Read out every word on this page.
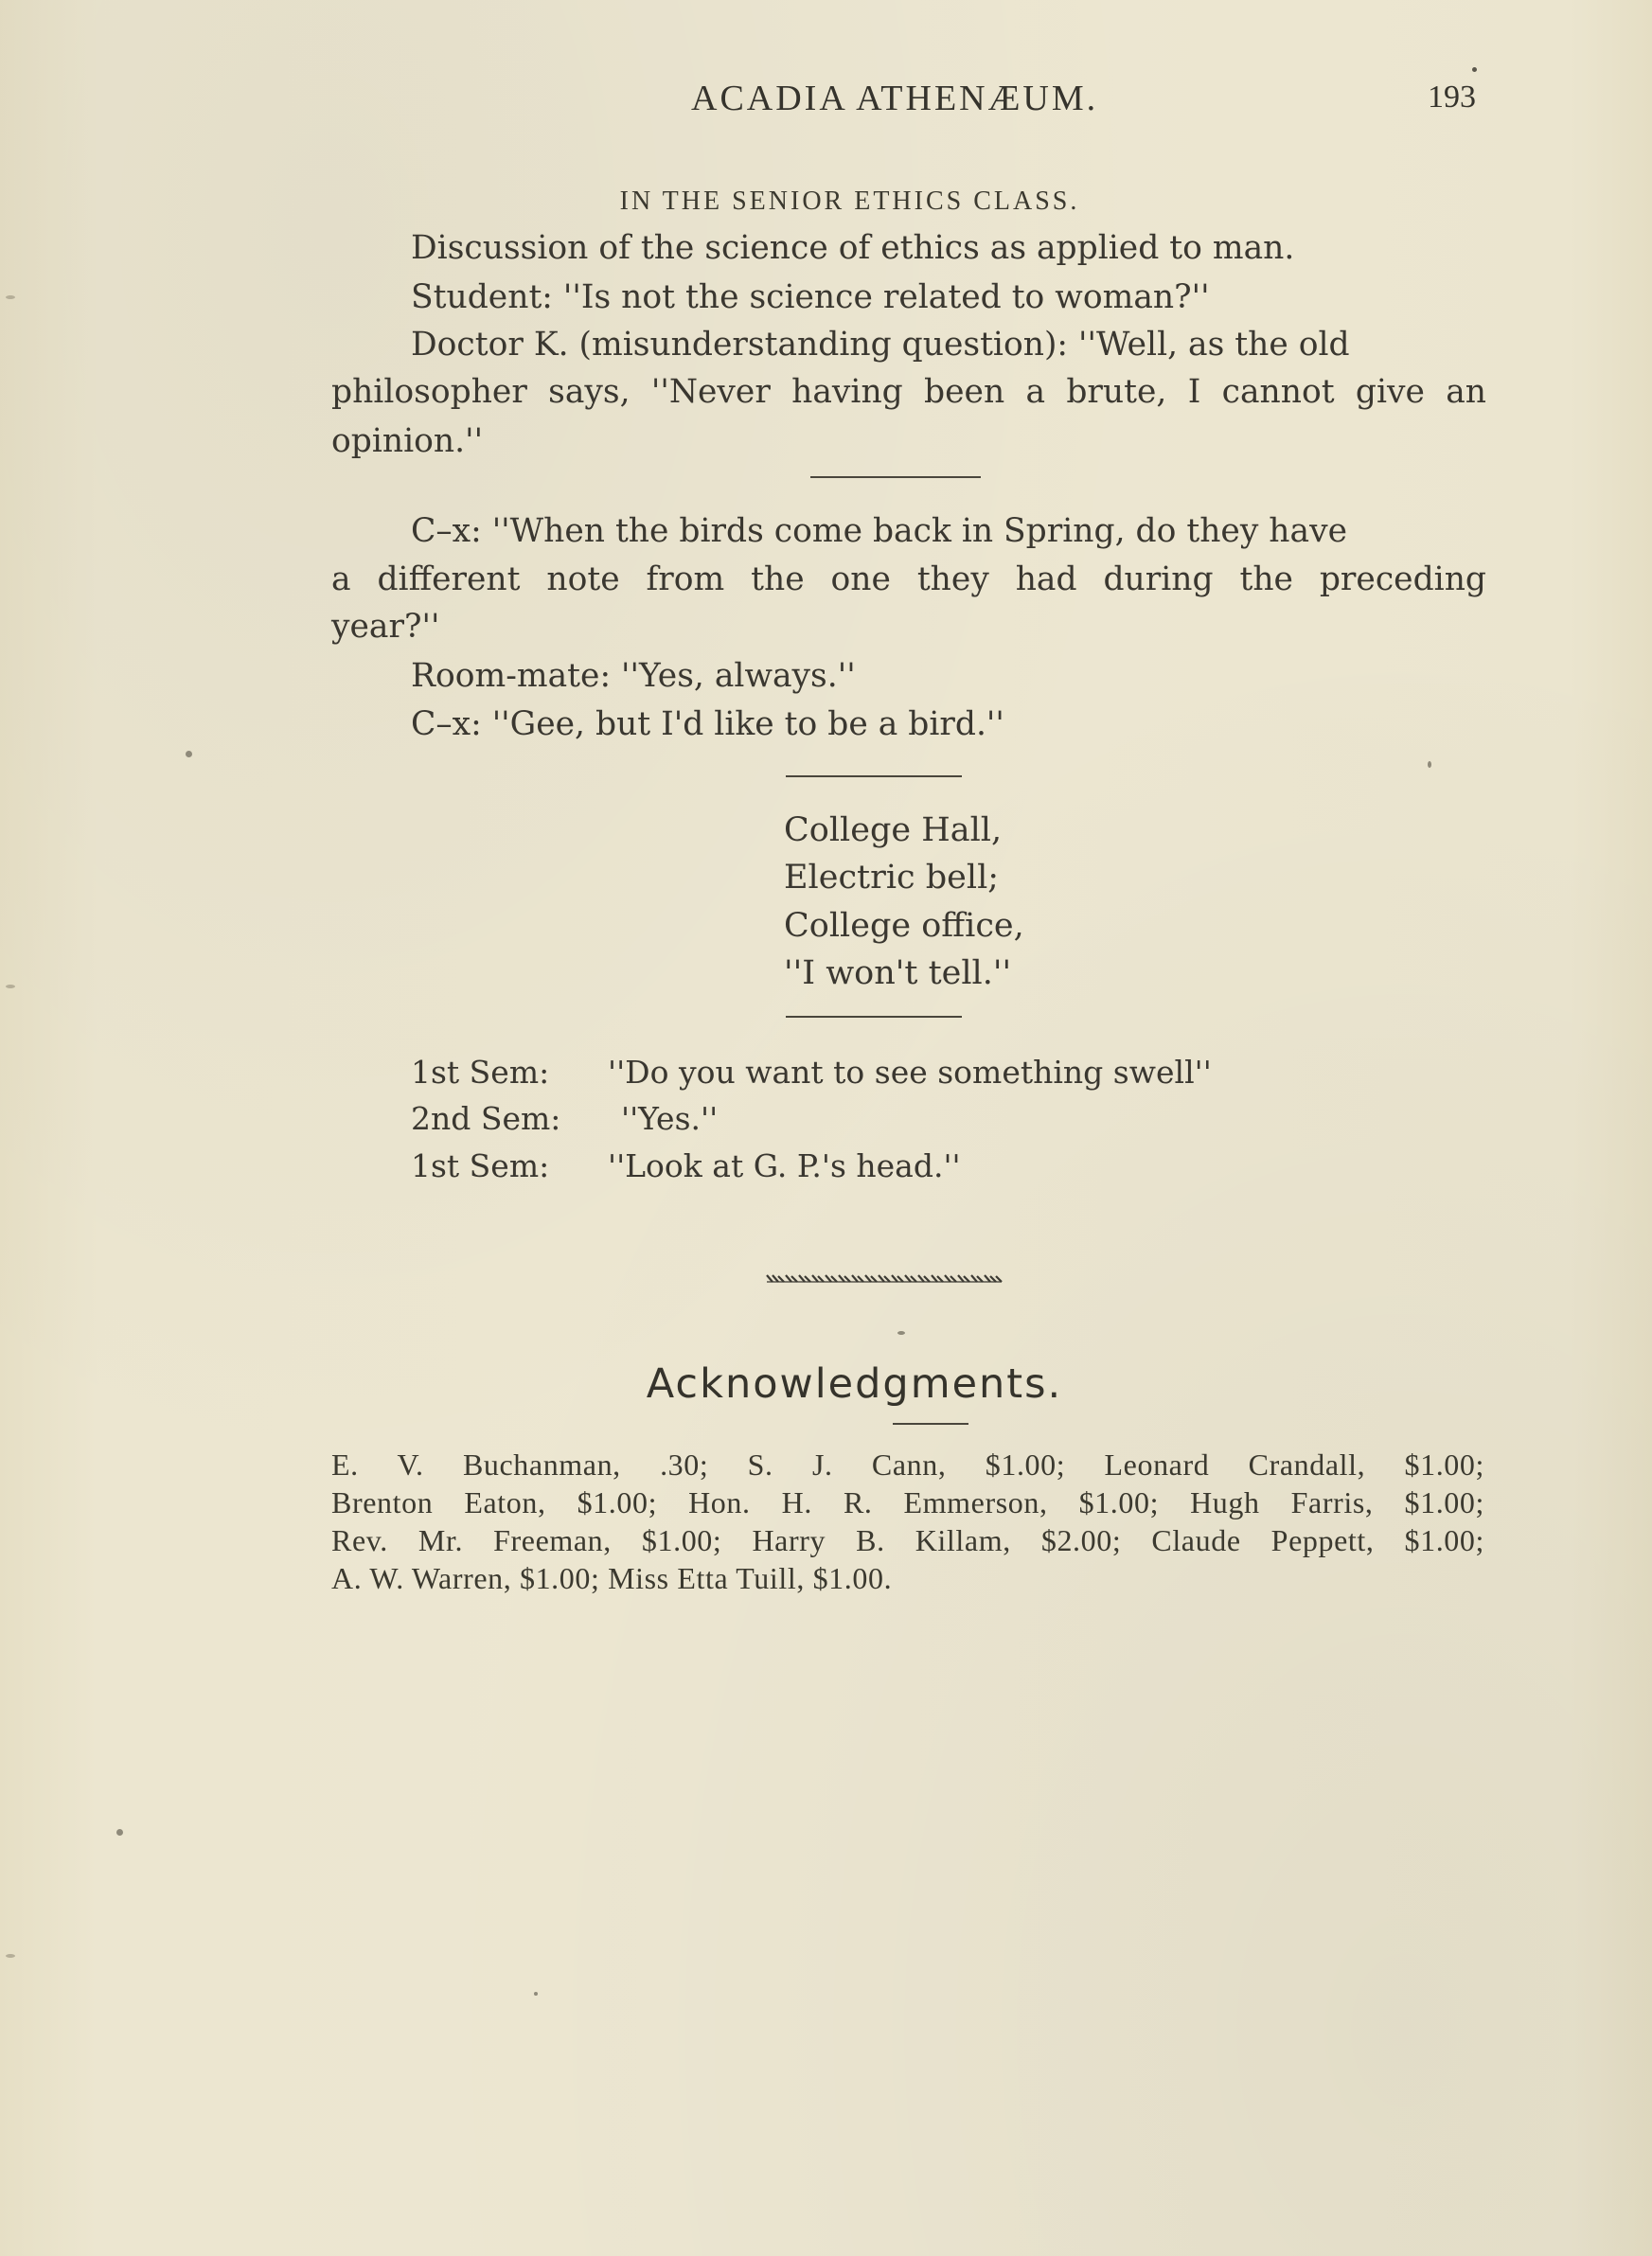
ACADIA ATHENÆUM.	193
IN THE SENIOR ETHICS CLASS.
Discussion of the science of ethics as applied to man.
Student: ''Is not the science related to woman?''
Doctor K. (misunderstanding question): ''Well, as the old
philosopher says, ''Never having been a brute, I cannot give an
opinion.''
C–x: ''When the birds come back in Spring, do they have
a different note from the one they had during the preceding
year?''
Room-mate: ''Yes, always.''
C–x: ''Gee, but I'd like to be a bird.''
College Hall,
Electric bell;
College office,
''I won't tell.''
1st Sem: ''Do you want to see something swell''
2nd Sem: ''Yes.''
1st Sem: ''Look at G. P.'s head.''
Acknowledgments.
E. V. Buchanman, .30; S. J. Cann, $1.00; Leonard Crandall, $1.00;
Brenton Eaton, $1.00; Hon. H. R. Emmerson, $1.00; Hugh Farris, $1.00;
Rev. Mr. Freeman, $1.00; Harry B. Killam, $2.00; Claude Peppett, $1.00;
A. W. Warren, $1.00; Miss Etta Tuill, $1.00.
